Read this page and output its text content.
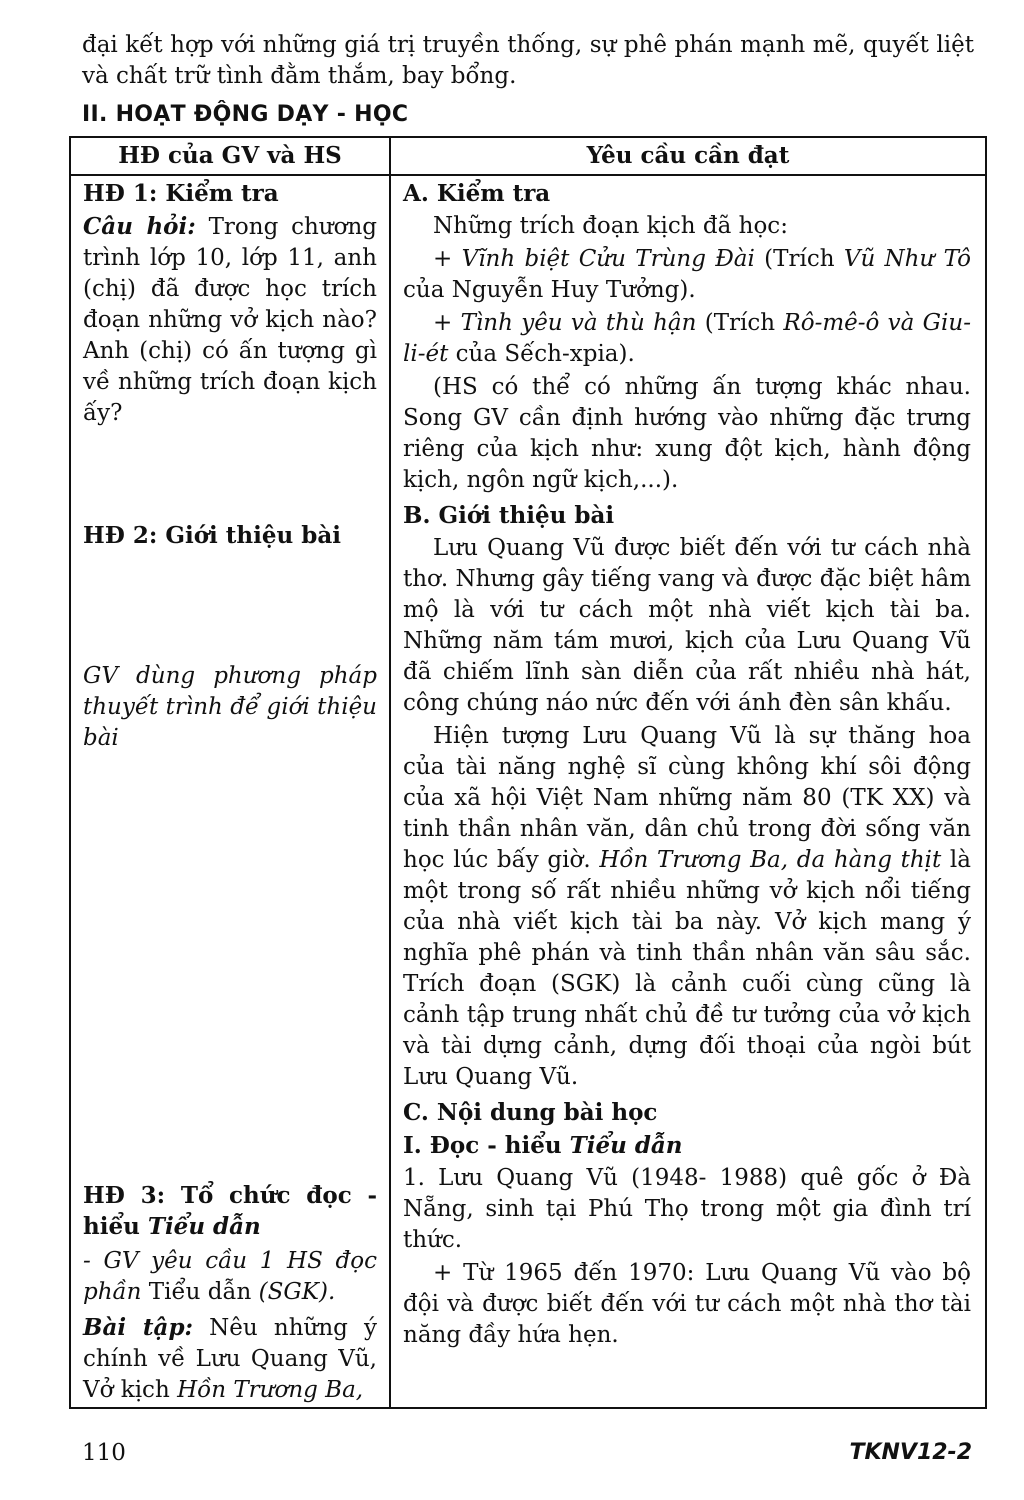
đại kết hợp với những giá trị truyền thống, sự phê phán mạnh mẽ, quyết liệt và chất trữ tình đằm thắm, bay bổng.

II. HOẠT ĐỘNG DẠY - HỌC
HĐ của GV và HS	Yêu cầu cần đạt

HĐ 1: Kiểm tra

Câu hỏi: Trong chương trình lớp 10, lớp 11, anh (chị) đã được học trích đoạn những vở kịch nào? Anh (chị) có ấn tượng gì về những trích đoạn kịch ấy?

HĐ 2: Giới thiệu bài

GV dùng phương pháp thuyết trình để giới thiệu bài

HĐ 3: Tổ chức đọc - hiểu Tiểu dẫn

- GV yêu cầu 1 HS đọc phần Tiểu dẫn (SGK).

Bài tập: Nêu những ý chính về Lưu Quang Vũ, Vở kịch Hồn Trương Ba,

A. Kiểm tra

Những trích đoạn kịch đã học:

+ Vĩnh biệt Cửu Trùng Đài (Trích Vũ Như Tô của Nguyễn Huy Tưởng).

+ Tình yêu và thù hận (Trích Rô-mê-ô và Giu-li-ét của Sếch-xpia).

(HS có thể có những ấn tượng khác nhau. Song GV cần định hướng vào những đặc trưng riêng của kịch như: xung đột kịch, hành động kịch, ngôn ngữ kịch,...).

B. Giới thiệu bài

Lưu Quang Vũ được biết đến với tư cách nhà thơ. Nhưng gây tiếng vang và được đặc biệt hâm mộ là với tư cách một nhà viết kịch tài ba. Những năm tám mươi, kịch của Lưu Quang Vũ đã chiếm lĩnh sàn diễn của rất nhiều nhà hát, công chúng náo nức đến với ánh đèn sân khấu.

Hiện tượng Lưu Quang Vũ là sự thăng hoa của tài năng nghệ sĩ cùng không khí sôi động của xã hội Việt Nam những năm 80 (TK XX) và tinh thần nhân văn, dân chủ trong đời sống văn học lúc bấy giờ. Hồn Trương Ba, da hàng thịt là một trong số rất nhiều những vở kịch nổi tiếng của nhà viết kịch tài ba này. Vở kịch mang ý nghĩa phê phán và tinh thần nhân văn sâu sắc. Trích đoạn (SGK) là cảnh cuối cùng cũng là cảnh tập trung nhất chủ đề tư tưởng của vở kịch và tài dựng cảnh, dựng đối thoại của ngòi bút Lưu Quang Vũ.

C. Nội dung bài học

I. Đọc - hiểu Tiểu dẫn

1. Lưu Quang Vũ (1948- 1988) quê gốc ở Đà Nẵng, sinh tại Phú Thọ trong một gia đình trí thức.

+ Từ 1965 đến 1970: Lưu Quang Vũ vào bộ đội và được biết đến với tư cách một nhà thơ tài năng đầy hứa hẹn.

110	TKNV12-2
